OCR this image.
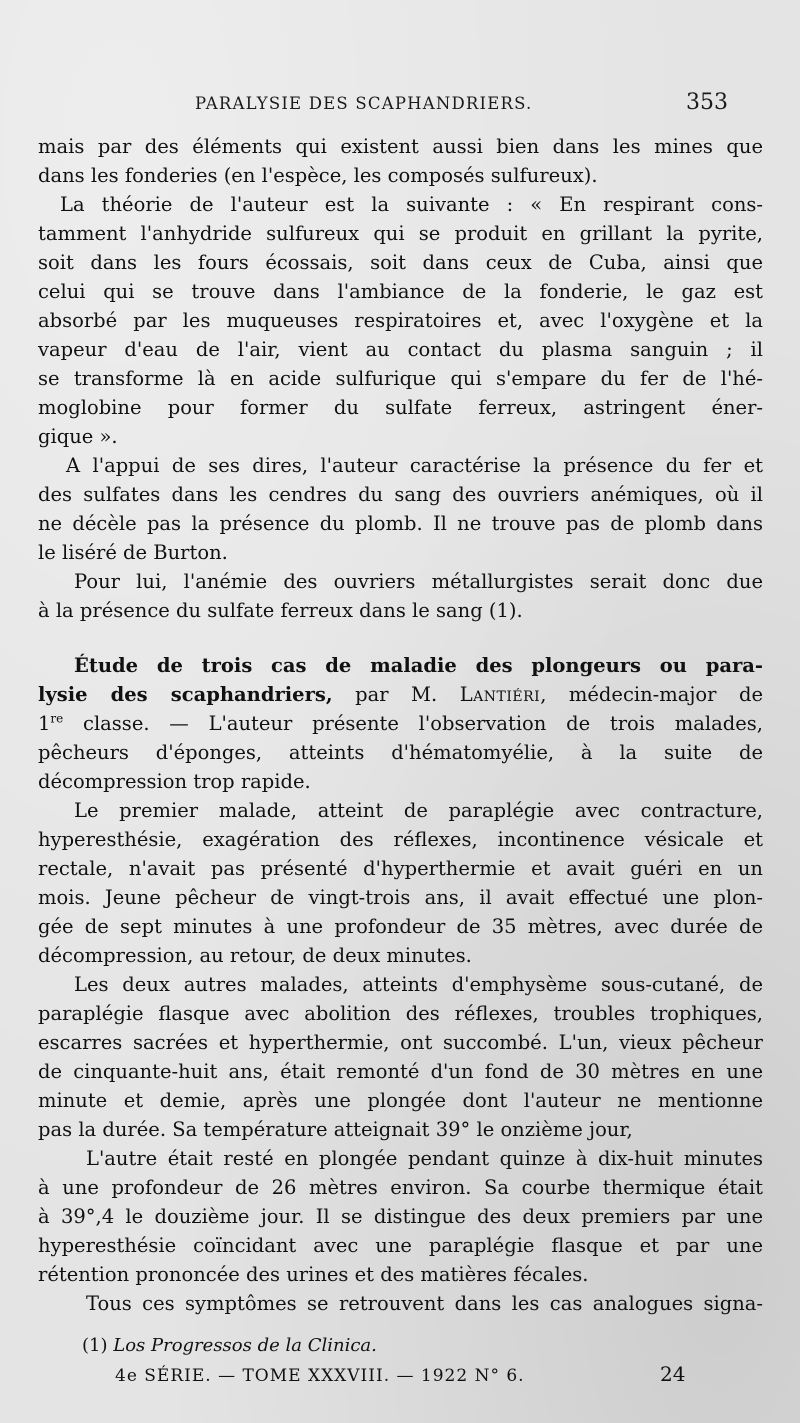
PARALYSIE DES SCAPHANDRIERS.	353
mais par des éléments qui existent aussi bien dans les mines que
dans les fonderies (en l'espèce, les composés sulfureux).
La théorie de l'auteur est la suivante : « En respirant cons-
tamment l'anhydride sulfureux qui se produit en grillant la pyrite,
soit dans les fours écossais, soit dans ceux de Cuba, ainsi que
celui qui se trouve dans l'ambiance de la fonderie, le gaz est
absorbé par les muqueuses respiratoires et, avec l'oxygène et la
vapeur d'eau de l'air, vient au contact du plasma sanguin ; il
se transforme là en acide sulfurique qui s'empare du fer de l'hé-
moglobine pour former du sulfate ferreux, astringent éner-
gique ».
A l'appui de ses dires, l'auteur caractérise la présence du fer et
des sulfates dans les cendres du sang des ouvriers anémiques, où il
ne décèle pas la présence du plomb. Il ne trouve pas de plomb dans
le liséré de Burton.
Pour lui, l'anémie des ouvriers métallurgistes serait donc due
à la présence du sulfate ferreux dans le sang (1).
Étude de trois cas de maladie des plongeurs ou para-
lysie des scaphandriers, par M. Lantiéri, médecin-major de
1re classe. — L'auteur présente l'observation de trois malades,
pêcheurs d'éponges, atteints d'hématomyélie, à la suite de
décompression trop rapide.
Le premier malade, atteint de paraplégie avec contracture,
hyperesthésie, exagération des réflexes, incontinence vésicale et
rectale, n'avait pas présenté d'hyperthermie et avait guéri en un
mois. Jeune pêcheur de vingt-trois ans, il avait effectué une plon-
gée de sept minutes à une profondeur de 35 mètres, avec durée de
décompression, au retour, de deux minutes.
Les deux autres malades, atteints d'emphysème sous-cutané, de
paraplégie flasque avec abolition des réflexes, troubles trophiques,
escarres sacrées et hyperthermie, ont succombé. L'un, vieux pêcheur
de cinquante-huit ans, était remonté d'un fond de 30 mètres en une
minute et demie, après une plongée dont l'auteur ne mentionne
pas la durée. Sa température atteignait 39° le onzième jour,
L'autre était resté en plongée pendant quinze à dix-huit minutes
à une profondeur de 26 mètres environ. Sa courbe thermique était
à 39°,4 le douzième jour. Il se distingue des deux premiers par une
hyperesthésie coïncidant avec une paraplégie flasque et par une
rétention prononcée des urines et des matières fécales.
Tous ces symptômes se retrouvent dans les cas analogues signa-
(1) Los Progressos de la Clinica.
4e SÉRIE. — TOME XXXVIII. — 1922 N° 6.	24
